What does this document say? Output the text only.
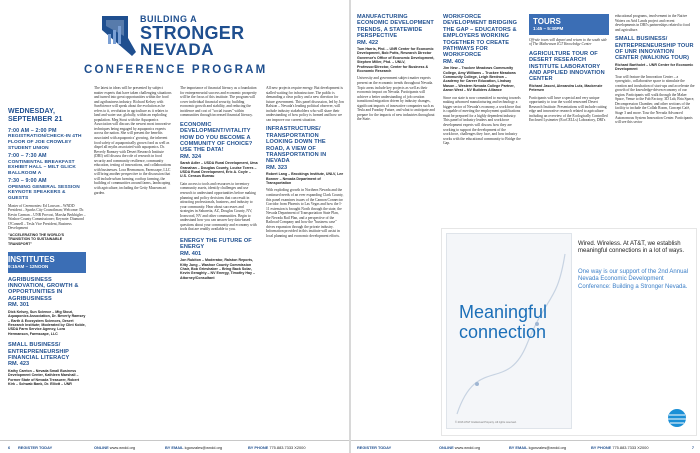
BUILDING A
STRONGER
NEVADA
CONFERENCE PROGRAM
WEDNESDAY, SEPTEMBER 21
7:00 AM – 2:00 PM
REGISTRATION/CHECK-IN 4TH FLOOR OF JOE CROWLEY STUDENT UNION
7:00 – 7:30 AM
CONTINENTAL BREAKFAST EXHIBIT HALL – MILT GLICK BALLROOM A
7:30 – 9:00 AM
OPENING GENERAL SESSION KEYNOTE SPEAKERS & GUESTS
Master of Ceremonies: Ed Lawson – WNDD President – Sparks City Councilman; Welcome: Dr. Kevin Carman – UNR Provost, Marsha Berkbigler – Washoe County Commissioner; Keynote: Diamond O'Connell – Tesla Vice President, Business Development
"ACCELERATING THE WORLD'S TRANSITION TO SUSTAINABLE TRANSPORT"
INSTITUTES
9:15AM – 12NOON
AGRIBUSINESS INNOVATION, GROWTH & OPPORTUNITIES IN AGRIBUSINESS
RM. 301
Dick Kelsey, Sun Science – Mtg Stout, Aquaponics Association, Dr. Beverly Ramsey – Earth & Ecosystem Sciences, Desert Research Institute; Moderated by Clint Koble, USDA Farm Service Agency, Lora Hermanson, Farmscape, LLC
SMALL BUSINESS/ ENTREPRENEURSHIP FINANCIAL LITERACY
RM. 423
Kathy Carrion – Nevada Small Business Development Center, Kathleen Marshall – Former State of Nevada Treasurer, Robert Kirk – Schwab Bank, Dr. Elliott – UNR
The latest in ideas will be presented by subject matter experts that have taken challenging situations and turned into great opportunities within the food and agribusiness industry. Richard Kelsey with SunScience will speak about the evolution as he refers to it, revolution in agriculture as it relates to land and water use, globally, within an exploding population. Meg Stout with the Aquaponics Association will discuss the newest most innovative techniques being engaged by aquaponics experts across the nation. She will present the benefits associated with aquaponics' growing, the inherent food safety of aquaponically grown food as well as dispel all myths associated with aquaponics. Dr. Beverly Ramsey with Desert Research Institute (DRI) will discuss the role of research in food security and community resilience, community education, testing of innovations, and collaborations with businesses. Lora Hermanson, Farmscape, LLC will bring another perspective to the discussion that will include urban farming, rooftop farming, the building of communities around farms, landscaping with agriculture, including the Getty Museum art garden.
The importance of financial literacy as a foundation for entrepreneurial success and economic prosperity will be the focus of this institute. The program will cover individual financial security, building economic growth and stability, and reducing the incidence and cost of "social issues" within communities through increased financial literacy.
ECONOMIC DEVELOPMENT/VITALITY HOW DO YOU BECOME A COMMUNITY OF CHOICE? USE THE DATA!
RM. 324
Sarah Adler – USDA Rural Development, Uma Granahan – Douglas County, Louise Torres – USDA Rural Development, Eric A. Coyle – U.S. Census Bureau
Gain access to tools and resources to inventory community assets, identify challenges and use research to understand opportunities before making planning and policy decisions that can result in attracting professionals, business, and industry to your community. Hear about successes and strategies in Sabaretta, AZ, Douglas County, NV, Ironwood, NV and other communities. Begin to understand how you can answer key data-based questions about your community and economy with tools that are readily available to you.
ENERGY THE FUTURE OF ENERGY
RM. 401
Jon Rubiton – Moderator, Ralston Reports, Kitty Jung – Washoe County Commission Chair, Bob Grieshaber – Bring Back Solar, Kevin Geraghty – NV Energy, Timothy Hay – Attorney/Consultant
All new projects require energy. But development is stalled waiting for infrastructure. The public is demanding a clear policy and a new direction for future government. This panel discussion, led by Jon Ralston – Nevada's leading political observer, will include industry stakeholders who will share their understanding of how policy is formed and how we can improve our current situation.
INFRASTRUCTURE/ TRANSPORTATION LOOKING DOWN THE ROAD, A VIEW OF TRANSPORTATION IN NEVADA
RM. 323
Robert Lang – Brookings Institute, UNLV, Lee Bonner – Nevada Department of Transportation
With exploding growth in Northern Nevada and the continued needs of an ever expanding Clark County, this panel examines issues of the Cannon Connector Corridor from Phoenix to Las Vegas and how the I-11 extension is brought North through the state, the Nevada Department of Transportation State Plan, the Nevada Rail Plan, and a perspective of the Railroad Company and how the "business case" drives expansion through the private industry. Information provided in this institute will assist in local planning and economic development efforts.
6 REGISTER TODAY	ONLINE www.wndd.org	BY EMAIL kgonzales@wndd.org	BY PHONE 775.883.7333 X2000
MANUFACTURING ECONOMIC DEVELOPMENT TRENDS, A STATEWIDE PERSPECTIVE
RM. 422
Tom Harris, Phd. – UNR Center for Economic Development, Bob Potts, Research Director Governor's Office of Economic Development, Stephen Miller, Phd. – UNLV, Professor/Director, Center for Business & Economic Research
University and government subject matter experts present on the economic trends throughout Nevada. Topic areas include key projects as well as their economic impact on Nevada. Participants will achieve a better understanding of job creation transitional migration driven by industry changes, significant impacts of innovative companies such as Tesla and Faraday Future, and what to anticipate and prepare for the impacts of new industries throughout the State.
WORKFORCE DEVELOPMENT BRIDGING THE GAP – EDUCATORS & EMPLOYERS WORKING TOGETHER TO CREATE PATHWAYS FOR WORKFORCE
RM. 402
Jim New – Truckee Meadows Community College, Amy Williams – Truckee Meadows Community College, Leigh Berdrow – Academy for Career Education, Lindsay Mason – Western Nevada College Partner, Aaron West – NV Builders Alliance
Since our state is now committed to moving towards making advanced manufacturing and technology a bigger sector of Nevada's economy, a workforce that is capable of meeting the employment qualifications must be prepared for a highly dependent industry. This panel of industry leaders and workforce development experts will discuss how they are working to support the development of the workforce, challenges they face, and how industry works with the educational community to Bridge the Gap.
TOURS
1:45 – 5:30PM
Off-site tours will depart and return to the south side of The Mathewson IGT Knowledge Center
AGRICULTURE TOUR OF DESERT RESEARCH INSTITUTE LABORATORY AND APPLIED INNOVATION CENTER
Richard Jasoni, Alexandra Lutz, Mackenzie Petersen
Participants will have a special and very unique opportunity to tour the world renowned Desert Research Institute. Presentations will include cutting edge and innovative research related to agriculture including an overview of the Ecologically Controlled Enclosed Lysimeter (EcoCELLs) Laboratory, DRI's
educational programs, involvement in the Native Waters on Arid Lands project and recent developments in DRI's partnerships related to food and agriculture.
SMALL BUSINESS/ ENTREPRENEURSHIP TOUR OF UNR INNOVATION CENTER (WALKING TOUR)
Richard Bartholet – UNR Center for Economic Development
Tour will feature the Innovation Center – a synergistic, collaborative space to stimulate the creation and incubation of start-ups and accelerate the growth of the knowledge-driven economy of our region. Participants will walk through the Maker Space, Venue to the Fab Factory, 3D Lab, Bria Space, Decompression Chamber, and other sections of the facility to include the Collab Room, Concept Café, Stage 3 and more. Tour the Nevada Advanced Autonomous System Innovation Center. Participants will see this sector
Meaningful
connection
© 2016 AT&T Intellectual Property. All rights reserved.
Wired. Wireless. At AT&T, we establish meaningful connections in a lot of ways.
One way is our support of the 2nd Annual Nevada Economic Development Conference: Building a Stronger Nevada.
REGISTER TODAY	ONLINE www.wndd.org	BY EMAIL kgonzales@wndd.org	BY PHONE 775.883.7333 X2000	7
